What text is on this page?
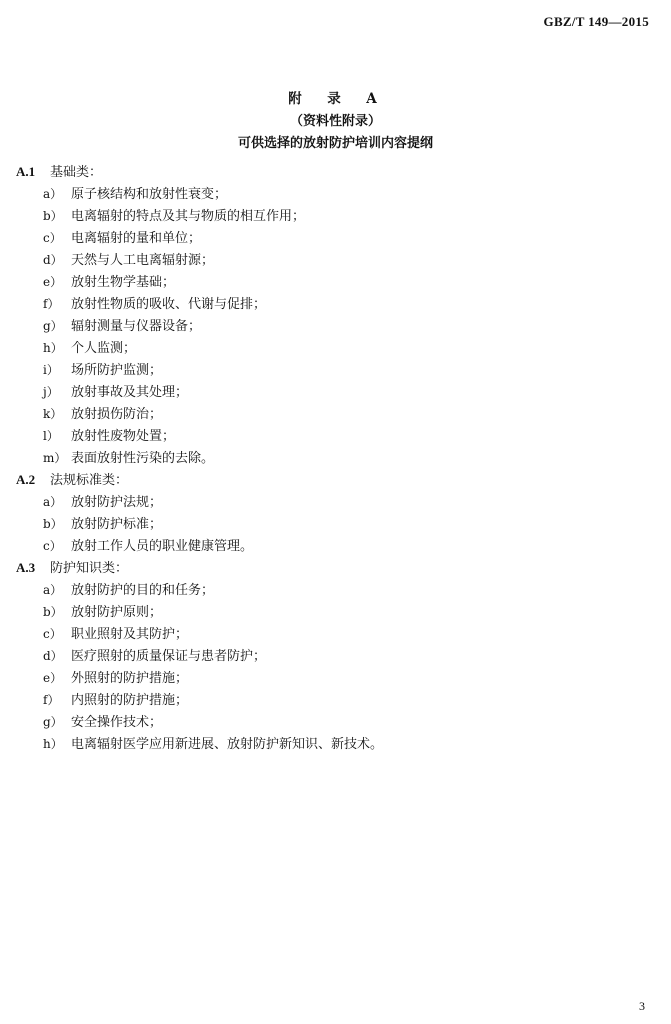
GBZ/T 149—2015
附　录　A
（资料性附录）
可供选择的放射防护培训内容提纲
A.1 基础类：
a） 原子核结构和放射性衰变；
b） 电离辐射的特点及其与物质的相互作用；
c） 电离辐射的量和单位；
d） 天然与人工电离辐射源；
e） 放射生物学基础；
f） 放射性物质的吸收、代谢与促排；
g） 辐射测量与仪器设备；
h） 个人监测；
i） 场所防护监测；
j） 放射事故及其处理；
k） 放射损伤防治；
l） 放射性废物处置；
m） 表面放射性污染的去除。
A.2 法规标准类：
a） 放射防护法规；
b） 放射防护标准；
c） 放射工作人员的职业健康管理。
A.3 防护知识类：
a） 放射防护的目的和任务；
b） 放射防护原则；
c） 职业照射及其防护；
d） 医疗照射的质量保证与患者防护；
e） 外照射的防护措施；
f） 内照射的防护措施；
g） 安全操作技术；
h） 电离辐射医学应用新进展、放射防护新知识、新技术。
3
